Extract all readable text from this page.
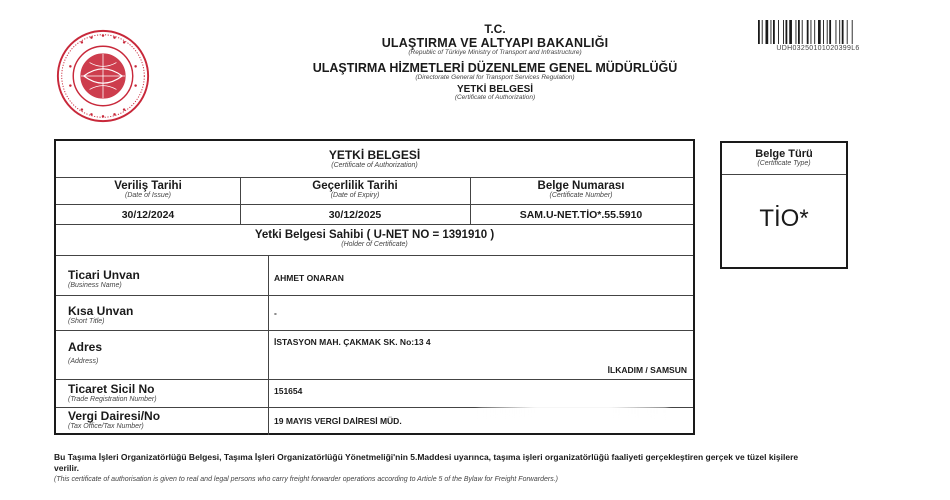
T.C.
ULAŞTIRMA VE ALTYAPI BAKANLIĞI
(Republic of Türkiye Ministry of Transport and Infrastructure)
ULAŞTIRMA HİZMETLERİ DÜZENLEME GENEL MÜDÜRLÜĞÜ
(Directorate General for Transport Services Regulation)
YETKİ BELGESİ
(Certificate of Authorization)
UDH03250101020399L6
YETKİ BELGESİ
(Certificate of Authorization)
Veriliş Tarihi
(Date of Issue)
Geçerlilik Tarihi
(Date of Expiry)
Belge Numarası
(Certificate Number)
30/12/2024	30/12/2025	SAM.U-NET.TİO*.55.5910
Yetki Belgesi Sahibi ( U-NET NO = 1391910 )
(Holder of Certificate)
Ticari Unvan
(Business Name)
AHMET ONARAN
Kısa Unvan
(Short Title)
-
Adres
(Address)
İSTASYON MAH. ÇAKMAK SK. No:13 4
İLKADIM / SAMSUN
Ticaret Sicil No
(Trade Registration Number)
151654
Vergi Dairesi/No
(Tax Office/Tax Number)
19 MAYIS VERGİ DAİRESİ MÜD.
Belge Türü
(Certificate Type)
TİO*
Bu Taşıma İşleri Organizatörlüğü Belgesi, Taşıma İşleri Organizatörlüğü Yönetmeliği'nin 5.Maddesi uyarınca, taşıma işleri organizatörlüğü faaliyeti gerçekleştiren gerçek ve tüzel kişilere verilir.
(This certificate of authorisation is given to real and legal persons who carry freight forwarder operations according to Article 5 of the Bylaw for Freight Forwarders.)
